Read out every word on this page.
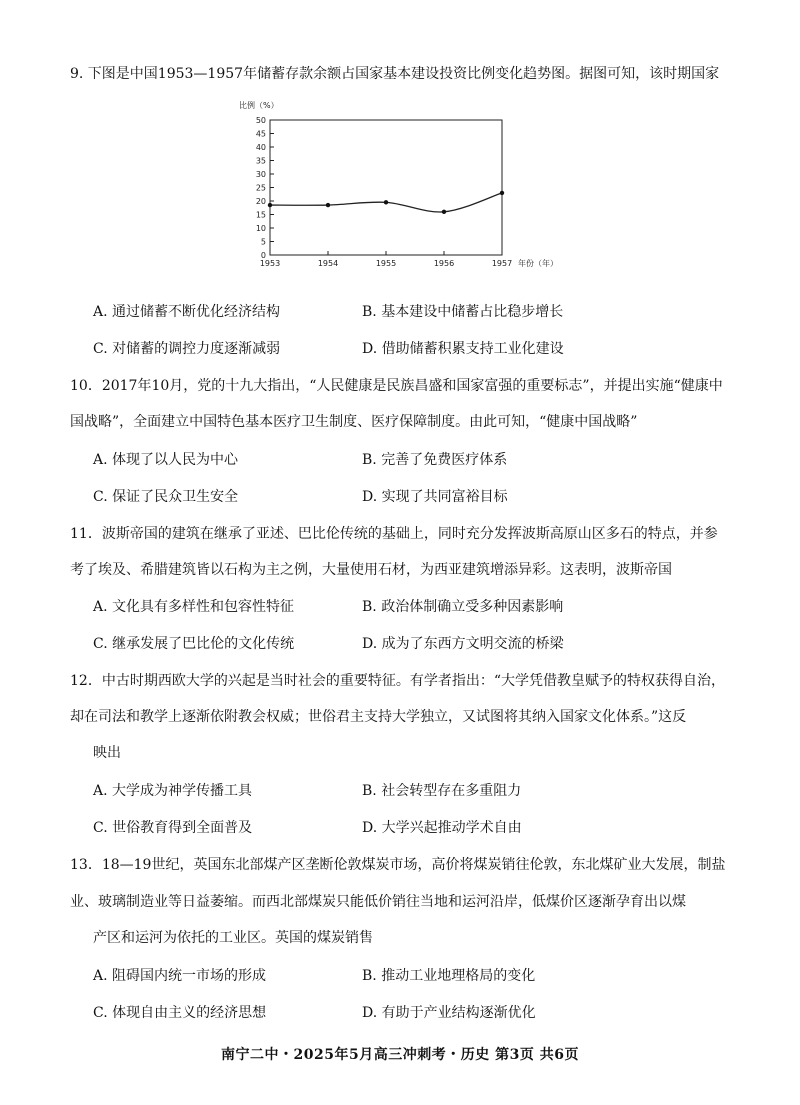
9. 下图是中国1953—1957年储蓄存款余额占国家基本建设投资比例变化趋势图。据图可知，该时期国家
比例（%）
0
5
10
15
20
25
30
35
40
45
50
1953	1954	1955	1956	1957 年份（年）
A. 通过储蓄不断优化经济结构	B. 基本建设中储蓄占比稳步增长
C. 对储蓄的调控力度逐渐减弱	D. 借助储蓄积累支持工业化建设
10．2017年10月，党的十九大指出，“人民健康是民族昌盛和国家富强的重要标志”，并提出实施“健康中
国战略”，全面建立中国特色基本医疗卫生制度、医疗保障制度。由此可知，“健康中国战略”
A. 体现了以人民为中心	B. 完善了免费医疗体系
C. 保证了民众卫生安全	D. 实现了共同富裕目标
11．波斯帝国的建筑在继承了亚述、巴比伦传统的基础上，同时充分发挥波斯高原山区多石的特点，并参
考了埃及、希腊建筑皆以石构为主之例，大量使用石材，为西亚建筑增添异彩。这表明，波斯帝国
A. 文化具有多样性和包容性特征	B. 政治体制确立受多种因素影响
C. 继承发展了巴比伦的文化传统	D. 成为了东西方文明交流的桥梁
12．中古时期西欧大学的兴起是当时社会的重要特征。有学者指出：“大学凭借教皇赋予的特权获得自治，
却在司法和教学上逐渐依附教会权威；世俗君主支持大学独立，又试图将其纳入国家文化体系。”这反
映出
A. 大学成为神学传播工具	B. 社会转型存在多重阻力
C. 世俗教育得到全面普及	D. 大学兴起推动学术自由
13．18—19世纪，英国东北部煤产区垄断伦敦煤炭市场，高价将煤炭销往伦敦，东北煤矿业大发展，制盐
业、玻璃制造业等日益萎缩。而西北部煤炭只能低价销往当地和运河沿岸，低煤价区逐渐孕育出以煤
产区和运河为依托的工业区。英国的煤炭销售
A. 阻碍国内统一市场的形成	B. 推动工业地理格局的变化
C. 体现自由主义的经济思想	D. 有助于产业结构逐渐优化
南宁二中・2025年5月高三冲刺考・历史 第3页 共6页
